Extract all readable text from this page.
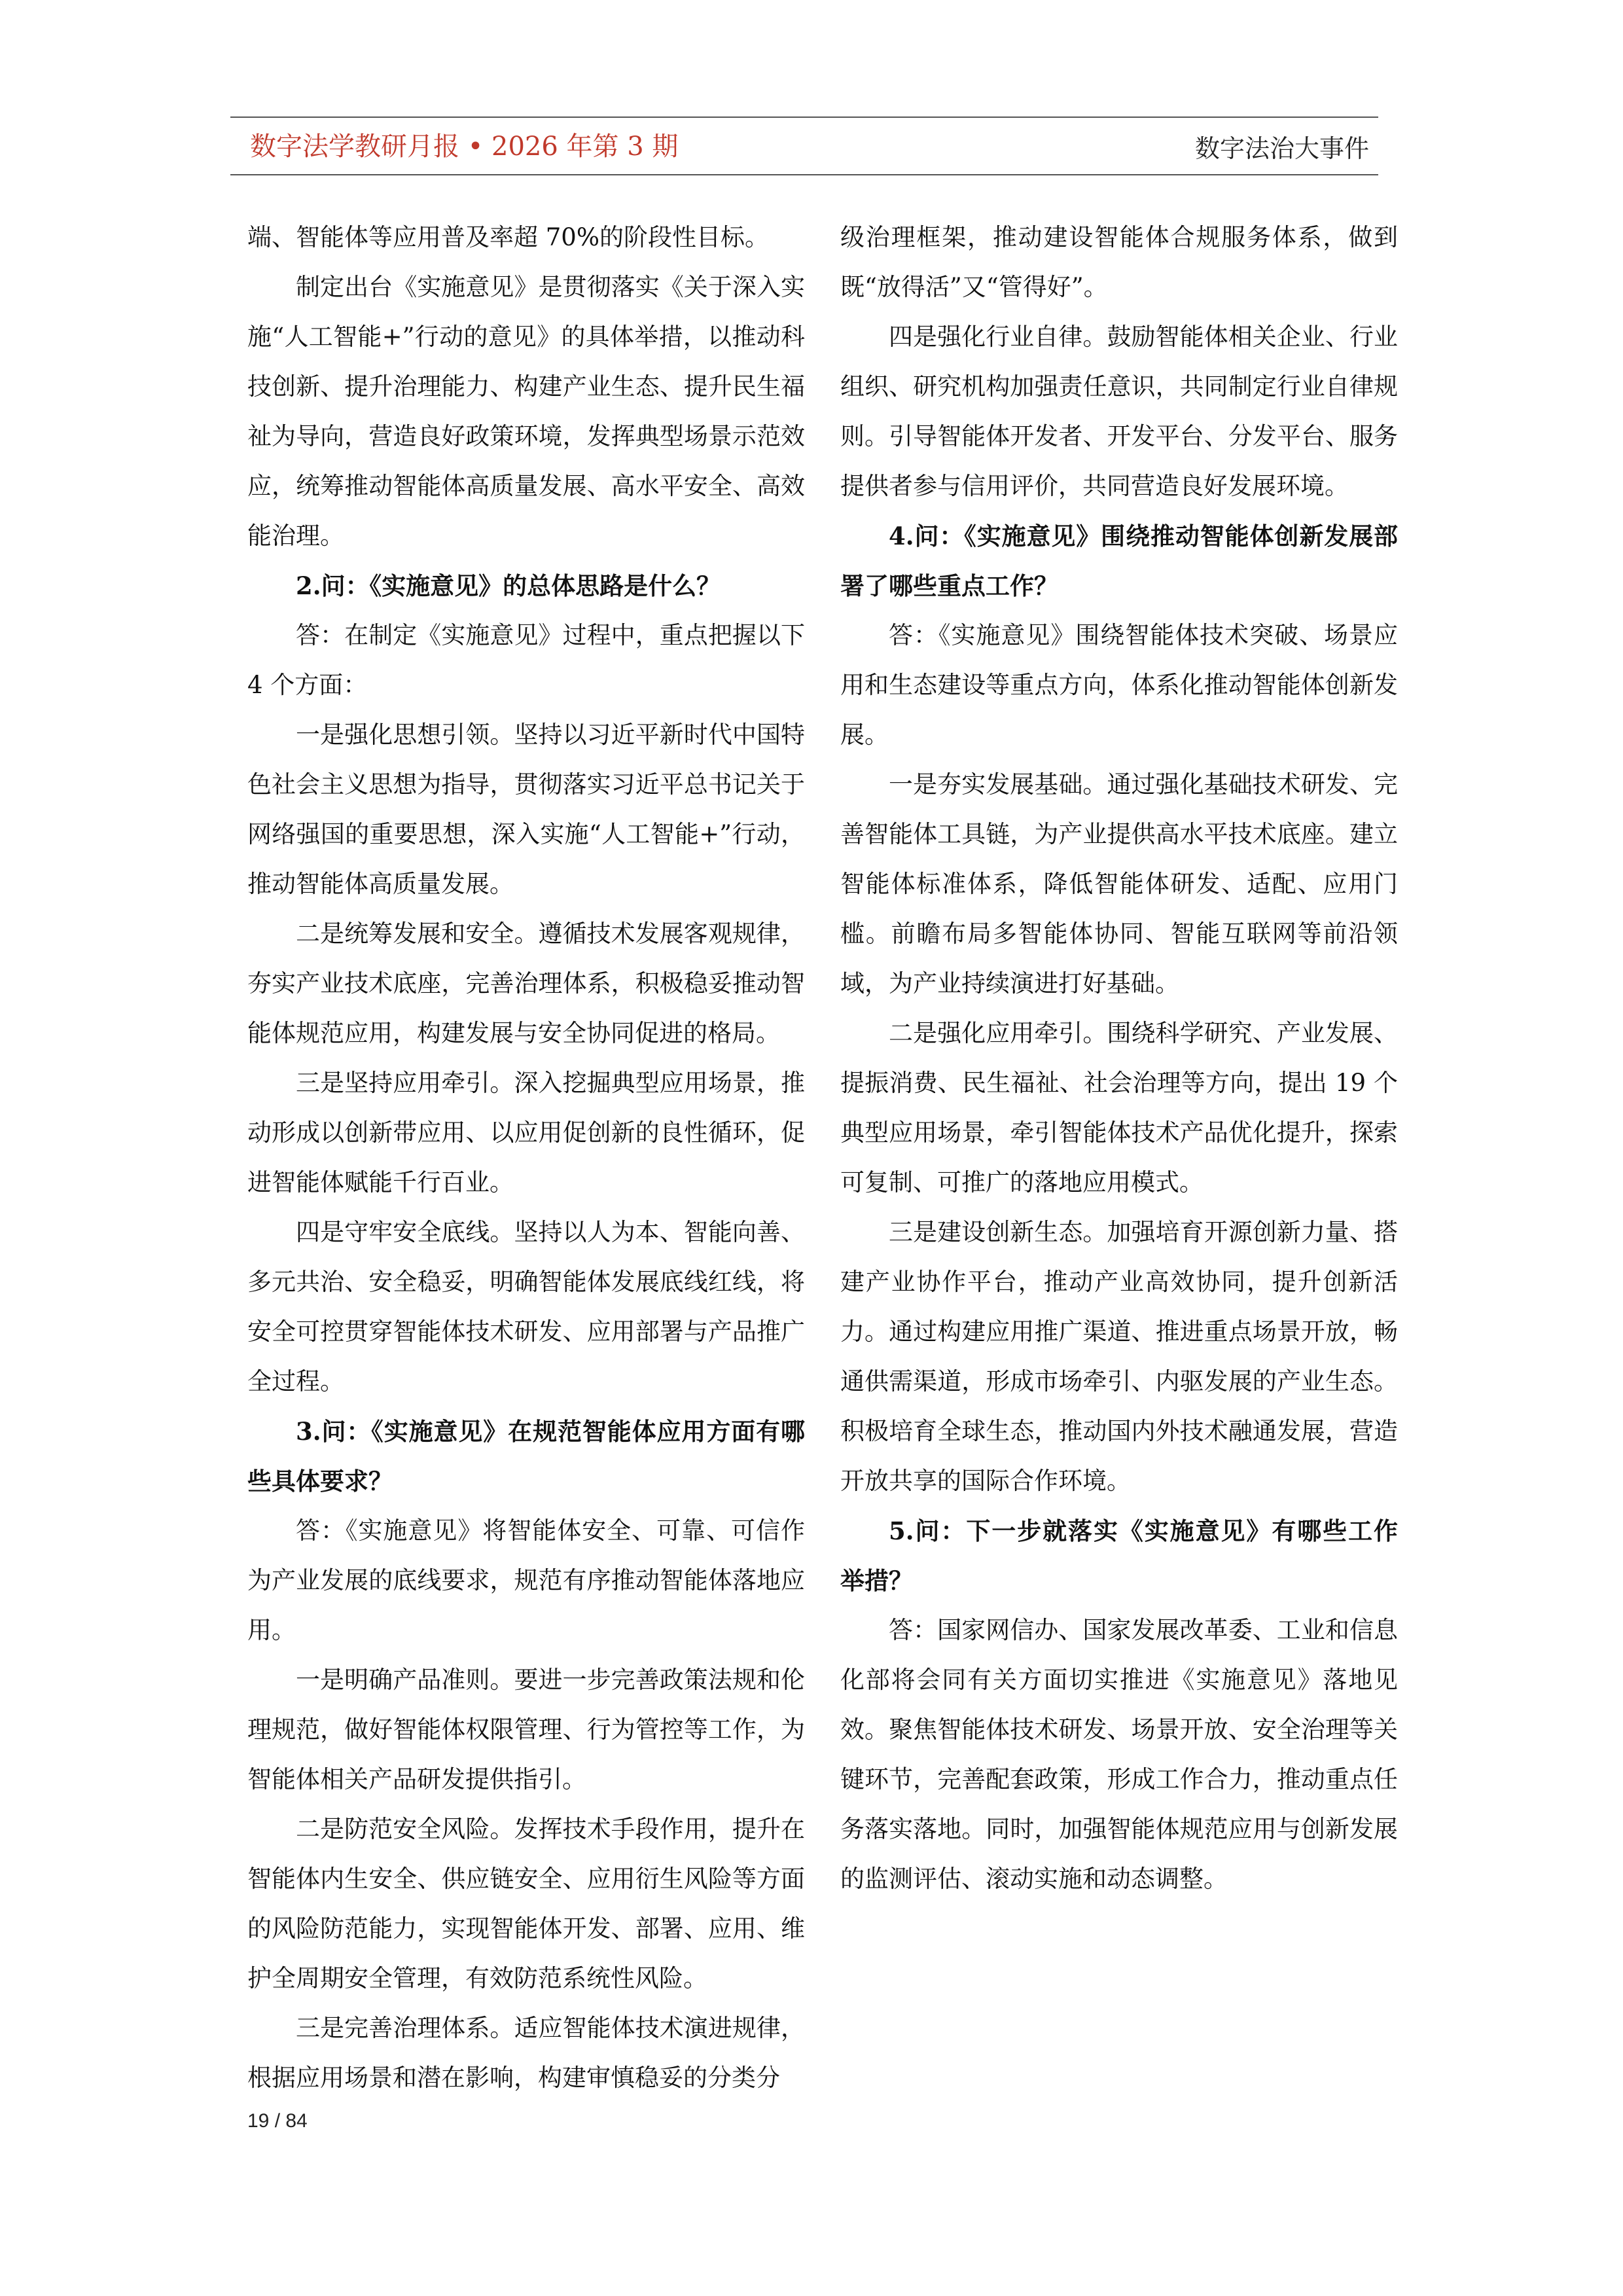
数字法学教研月报 • 2026 年第 3 期	数字法治大事件

端、智能体等应用普及率超 70%的阶段性目标。

制定出台《实施意见》是贯彻落实《关于深入实施“人工智能+”行动的意见》的具体举措，以推动科技创新、提升治理能力、构建产业生态、提升民生福祉为导向，营造良好政策环境，发挥典型场景示范效应，统筹推动智能体高质量发展、高水平安全、高效能治理。

2.问：《实施意见》的总体思路是什么？

答：在制定《实施意见》过程中，重点把握以下 4 个方面：

一是强化思想引领。坚持以习近平新时代中国特色社会主义思想为指导，贯彻落实习近平总书记关于网络强国的重要思想，深入实施“人工智能+”行动，推动智能体高质量发展。

二是统筹发展和安全。遵循技术发展客观规律，夯实产业技术底座，完善治理体系，积极稳妥推动智能体规范应用，构建发展与安全协同促进的格局。

三是坚持应用牵引。深入挖掘典型应用场景，推动形成以创新带应用、以应用促创新的良性循环，促进智能体赋能千行百业。

四是守牢安全底线。坚持以人为本、智能向善、多元共治、安全稳妥，明确智能体发展底线红线，将安全可控贯穿智能体技术研发、应用部署与产品推广全过程。

3.问：《实施意见》在规范智能体应用方面有哪些具体要求？

答：《实施意见》将智能体安全、可靠、可信作为产业发展的底线要求，规范有序推动智能体落地应用。

一是明确产品准则。要进一步完善政策法规和伦理规范，做好智能体权限管理、行为管控等工作，为智能体相关产品研发提供指引。

二是防范安全风险。发挥技术手段作用，提升在智能体内生安全、供应链安全、应用衍生风险等方面的风险防范能力，实现智能体开发、部署、应用、维护全周期安全管理，有效防范系统性风险。

三是完善治理体系。适应智能体技术演进规律，根据应用场景和潜在影响，构建审慎稳妥的分类分

级治理框架，推动建设智能体合规服务体系，做到既“放得活”又“管得好”。

四是强化行业自律。鼓励智能体相关企业、行业组织、研究机构加强责任意识，共同制定行业自律规则。引导智能体开发者、开发平台、分发平台、服务提供者参与信用评价，共同营造良好发展环境。

4.问：《实施意见》围绕推动智能体创新发展部署了哪些重点工作？

答：《实施意见》围绕智能体技术突破、场景应用和生态建设等重点方向，体系化推动智能体创新发展。

一是夯实发展基础。通过强化基础技术研发、完善智能体工具链，为产业提供高水平技术底座。建立智能体标准体系，降低智能体研发、适配、应用门槛。前瞻布局多智能体协同、智能互联网等前沿领域，为产业持续演进打好基础。

二是强化应用牵引。围绕科学研究、产业发展、提振消费、民生福祉、社会治理等方向，提出 19 个典型应用场景，牵引智能体技术产品优化提升，探索可复制、可推广的落地应用模式。

三是建设创新生态。加强培育开源创新力量、搭建产业协作平台，推动产业高效协同，提升创新活力。通过构建应用推广渠道、推进重点场景开放，畅通供需渠道，形成市场牵引、内驱发展的产业生态。积极培育全球生态，推动国内外技术融通发展，营造开放共享的国际合作环境。

5.问：下一步就落实《实施意见》有哪些工作举措？

答：国家网信办、国家发展改革委、工业和信息化部将会同有关方面切实推进《实施意见》落地见效。聚焦智能体技术研发、场景开放、安全治理等关键环节，完善配套政策，形成工作合力，推动重点任务落实落地。同时，加强智能体规范应用与创新发展的监测评估、滚动实施和动态调整。

19 / 84
